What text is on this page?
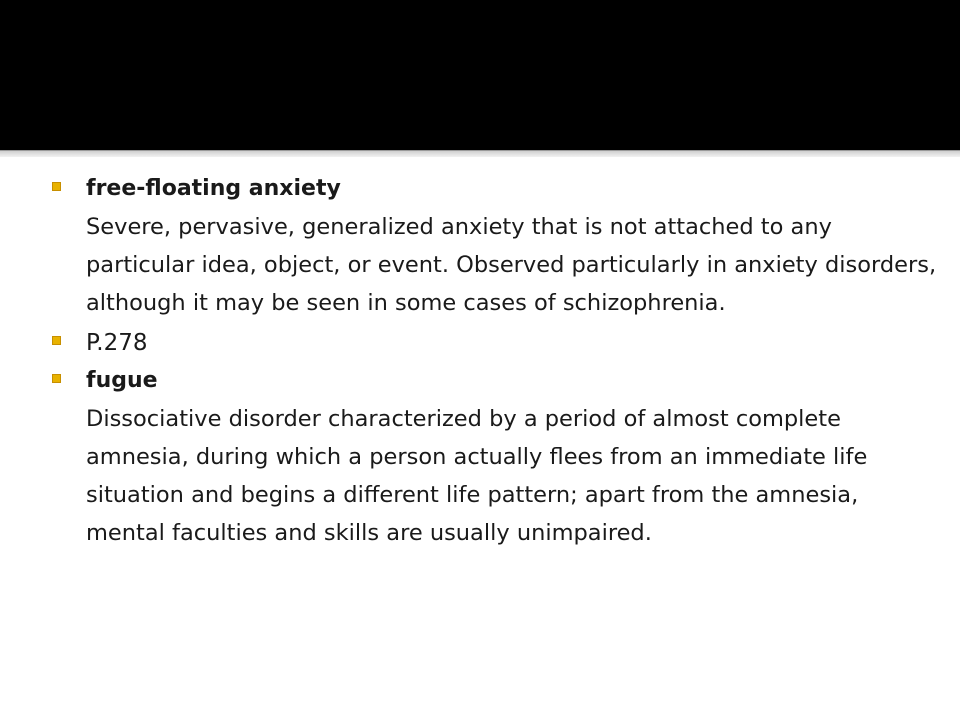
free-floating anxiety
Severe, pervasive, generalized anxiety that is not attached to any particular idea, object, or event. Observed particularly in anxiety disorders, although it may be seen in some cases of schizophrenia.
P.278
fugue
Dissociative disorder characterized by a period of almost complete amnesia, during which a person actually flees from an immediate life situation and begins a different life pattern; apart from the amnesia, mental faculties and skills are usually unimpaired.
